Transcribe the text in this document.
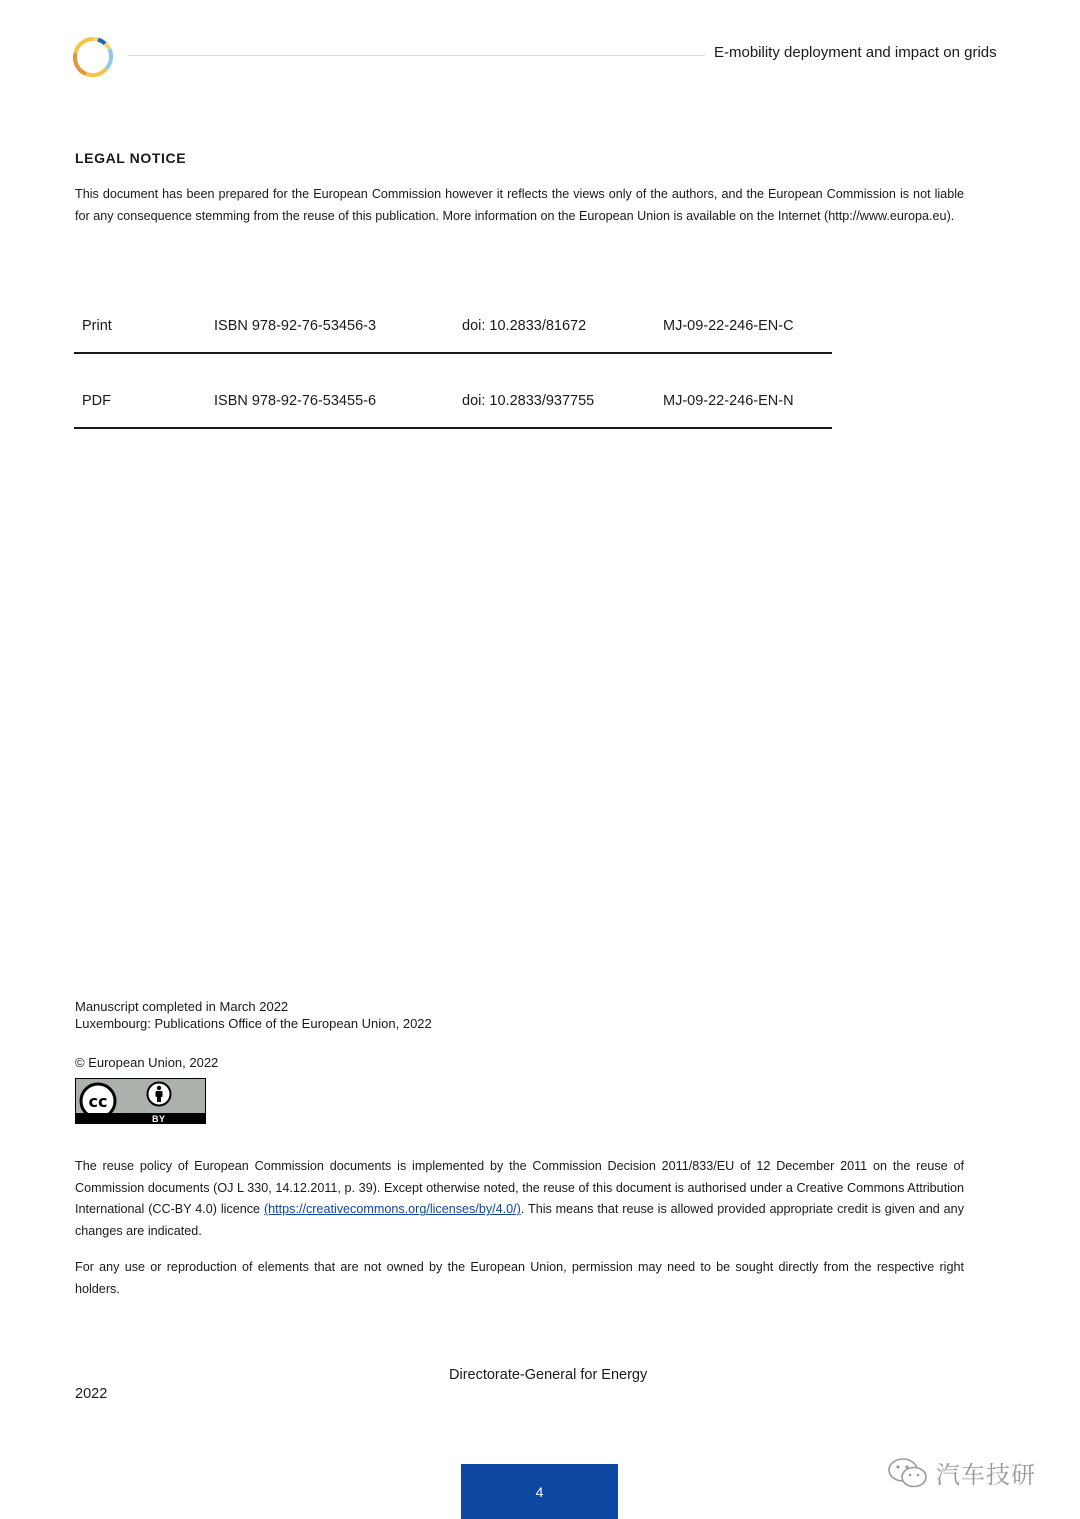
E-mobility deployment and impact on grids
LEGAL NOTICE
This document has been prepared for the European Commission however it reflects the views only of the authors, and the European Commission is not liable for any consequence stemming from the reuse of this publication. More information on the European Union is available on the Internet (http://www.europa.eu).
Print	ISBN 978-92-76-53456-3	doi: 10.2833/81672	MJ-09-22-246-EN-C
PDF	ISBN 978-92-76-53455-6	doi: 10.2833/937755	MJ-09-22-246-EN-N
Manuscript completed in March 2022
Luxembourg: Publications Office of the European Union, 2022
© European Union, 2022
cc
BY
The reuse policy of European Commission documents is implemented by the Commission Decision 2011/833/EU of 12 December 2011 on the reuse of Commission documents (OJ L 330, 14.12.2011, p. 39). Except otherwise noted, the reuse of this document is authorised under a Creative Commons Attribution International (CC-BY 4.0) licence (https://creativecommons.org/licenses/by/4.0/). This means that reuse is allowed provided appropriate credit is given and any changes are indicated.
For any use or reproduction of elements that are not owned by the European Union, permission may need to be sought directly from the respective right holders.
Directorate-General for Energy
2022
4
汽车技研
